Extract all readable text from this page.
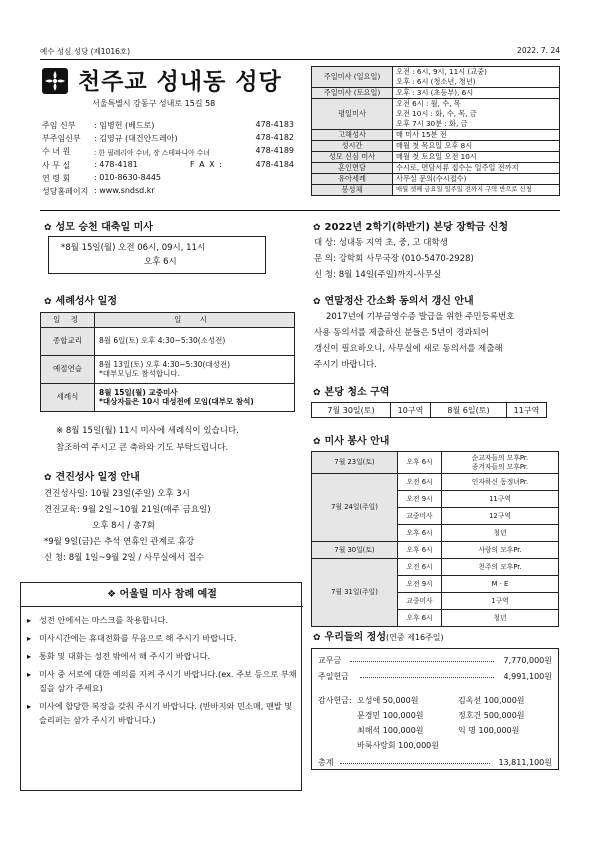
예수 성심 성당 (제1016호)	2022. 7. 24
천주교 성내동 성당
서울특별시 강동구 성내로 15길 58
주임 신부 : 임병헌 (베드로)	478-4183
부주임신부 : 김영규 (대건안드레아)	478-4182
수 녀 원	: 한 필레리아 수녀, 장 스테파니아 수녀	478-4189
사 무 실	: 478-4181	F A X :	478-4184
연 령 회	: 010-8630-8445
성당홈페이지 : www.sndsd.kr
주일미사 (일요일)	오전 : 6시, 9시, 11시 (교중)
오후 : 6시 (청소년, 청년)

주일미사 (토요일)	오후 : 3시 (초등부), 6시

평일미사	오전 6시 : 월, 수, 목
오전 10시 : 화, 수, 목, 금
오후 7시 30분 : 화, 금

고해성사	매 미사 15분 전

성시간	매월 첫 목요일 오후 8시

성모 신심 미사	매월 첫 토요일 오전 10시

혼인면담	수시로, 면담서류 접수는 일주일 전까지

유아세례	사무실 문의(수시접수)

봉성체	매월 셋째 금요일 일주일 전까지 구역 반으로 신청
✿ 성모 승천 대축일 미사
*8월 15일(월) 오전 06시, 09시, 11시
오후 6시
✿ 세례성사 일정
일 정	일 시
종합교리	8월 6일(토) 오후 4:30~5:30(소성전)

예절연습	8월 13일(토) 오후 4:30~5:30(대성전)
*대부모님도 참석합니다.

세례식	8월 15일(월) 교중미사
*대상자들은 10시 대성전에 모임(대부모 참석)
※ 8월 15일(월) 11시 미사에 세례식이 있습니다.
참조하여 주시고 큰 축하와 기도 부탁드립니다.
✿ 견진성사 일정 안내
견진성사일: 10월 23일(주일) 오후 3시
견진교육: 9월 2일~10월 21일(매주 금요일)
오후 8시 / 총7회
*9월 9일(금)은 추석 연휴인 관계로 휴강
신 청: 8월 1일~9월 2일 / 사무실에서 접수
❖ 어울릴 미사 참례 예절
▸ 성전 안에서는 마스크를 착용합니다.
▸ 미사시간에는 휴대전화를 무음으로 해 주시기 바랍니다.
▸ 통화 및 대화는 성전 밖에서 해 주시기 바랍니다.
▸ 미사 중 서로에 대한 예의를 지켜 주시기 바랍니다.(ex. 주보 등으로 부채질을 삼가 주세요)
▸ 미사에 합당한 복장을 갖춰 주시기 바랍니다. (반바지와 민소매, 맨발 및 슬리퍼는 삼가 주시기 바랍니다.)
✿ 2022년 2학기(하반기) 본당 장학금 신청
대 상: 성내동 지역 초, 중, 고 대학생
문 의: 강학회 사무국장 (010-5470-2928)
신 청: 8월 14일(주일)까지-사무실
✿ 연말정산 간소화 동의서 갱신 안내
2017년에 기부금영수증 발급을 위한 주민등록번호
사용 동의서를 제출하신 분들은 5년이 경과되어
갱신이 필요하오니, 사무실에 새로 동의서를 제출해
주시기 바랍니다.
✿ 본당 청소 구역
7월 30일(토)	10구역	8월 6일(토)	11구역
✿ 미사 봉사 안내
7월 23일(토)	오후 6시	순교자들의 모후Pr.
종겨자들의 모후Pr.

7월 24일(주일)	오전 6시	인자하신 동정녀Pr.
	오전 9시	11구역
	교중미사	12구역
	오후 6시	청년
7월 30일(토)	오후 6시	사랑의 모후Pr.
7월 31일(주일)	오전 6시	천주의 모후Pr.
	오전 9시	M · E
	교중미사	1구역
	오후 6시	청년
✿ 우리들의 정성(연중 제16주일)
교무금	7,770,000원
주일헌금	4,991,100원
감사헌금: 오성애 50,000원	김옥선 100,000원
문경민 100,000원	정호건 500,000원
최해석 100,000원	익 명 100,000원
바룩사랑회 100,000원
총계	13,811,100원
